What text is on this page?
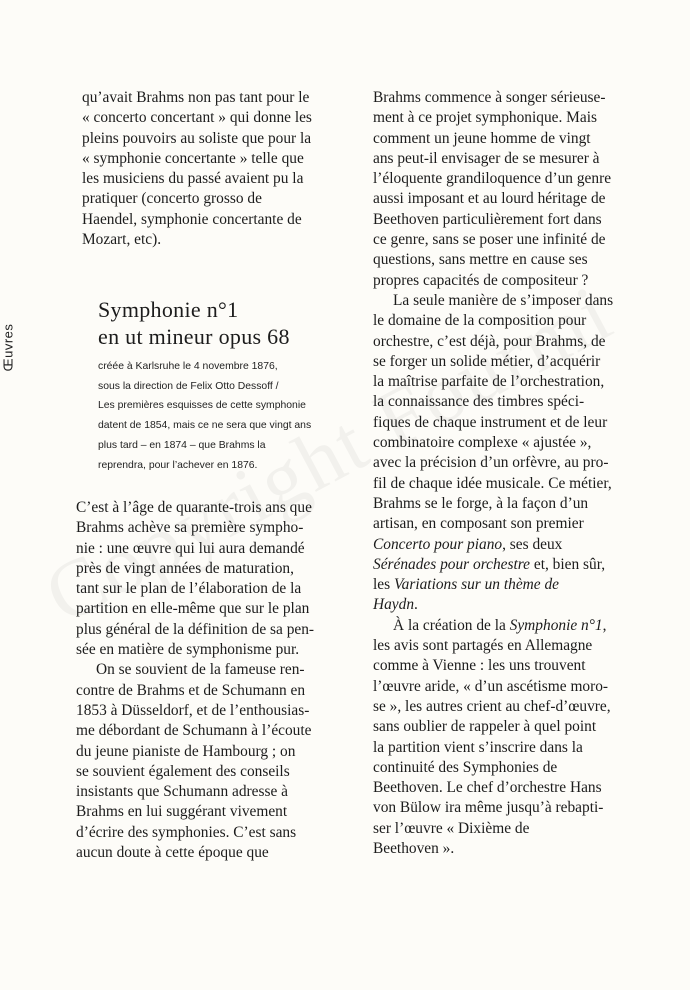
Œuvres
qu’avait Brahms non pas tant pour le
« concerto concertant » qui donne les
pleins pouvoirs au soliste que pour la
« symphonie concertante » telle que
les musiciens du passé avaient pu la
pratiquer (concerto grosso de
Haendel, symphonie concertante de
Mozart, etc).
Symphonie n°1
en ut mineur opus 68
créée à Karlsruhe le 4 novembre 1876,
sous la direction de Felix Otto Dessoff /
Les premières esquisses de cette symphonie
datent de 1854, mais ce ne sera que vingt ans
plus tard – en 1874 – que Brahms la
reprendra, pour l’achever en 1876.
C’est à l’âge de quarante-trois ans que
Brahms achève sa première sympho-
nie : une œuvre qui lui aura demandé
près de vingt années de maturation,
tant sur le plan de l’élaboration de la
partition en elle-même que sur le plan
plus général de la définition de sa pen-
sée en matière de symphonisme pur.
On se souvient de la fameuse ren-
contre de Brahms et de Schumann en
1853 à Düsseldorf, et de l’enthousias-
me débordant de Schumann à l’écoute
du jeune pianiste de Hambourg ; on
se souvient également des conseils
insistants que Schumann adresse à
Brahms en lui suggérant vivement
d’écrire des symphonies. C’est sans
aucun doute à cette époque que
Brahms commence à songer sérieuse-
ment à ce projet symphonique. Mais
comment un jeune homme de vingt
ans peut-il envisager de se mesurer à
l’éloquente grandiloquence d’un genre
aussi imposant et au lourd héritage de
Beethoven particulièrement fort dans
ce genre, sans se poser une infinité de
questions, sans mettre en cause ses
propres capacités de compositeur ?
La seule manière de s’imposer dans
le domaine de la composition pour
orchestre, c’est déjà, pour Brahms, de
se forger un solide métier, d’acquérir
la maîtrise parfaite de l’orchestration,
la connaissance des timbres spéci-
fiques de chaque instrument et de leur
combinatoire complexe « ajustée »,
avec la précision d’un orfèvre, au pro-
fil de chaque idée musicale. Ce métier,
Brahms se le forge, à la façon d’un
artisan, en composant son premier
Concerto pour piano, ses deux
Sérénades pour orchestre et, bien sûr,
les Variations sur un thème de
Haydn.
À la création de la Symphonie n°1,
les avis sont partagés en Allemagne
comme à Vienne : les uns trouvent
l’œuvre aride, « d’un ascétisme moro-
se », les autres crient au chef-d’œuvre,
sans oublier de rappeler à quel point
la partition vient s’inscrire dans la
continuité des Symphonies de
Beethoven. Le chef d’orchestre Hans
von Bülow ira même jusqu’à rebapti-
ser l’œuvre « Dixième de
Beethoven ».
